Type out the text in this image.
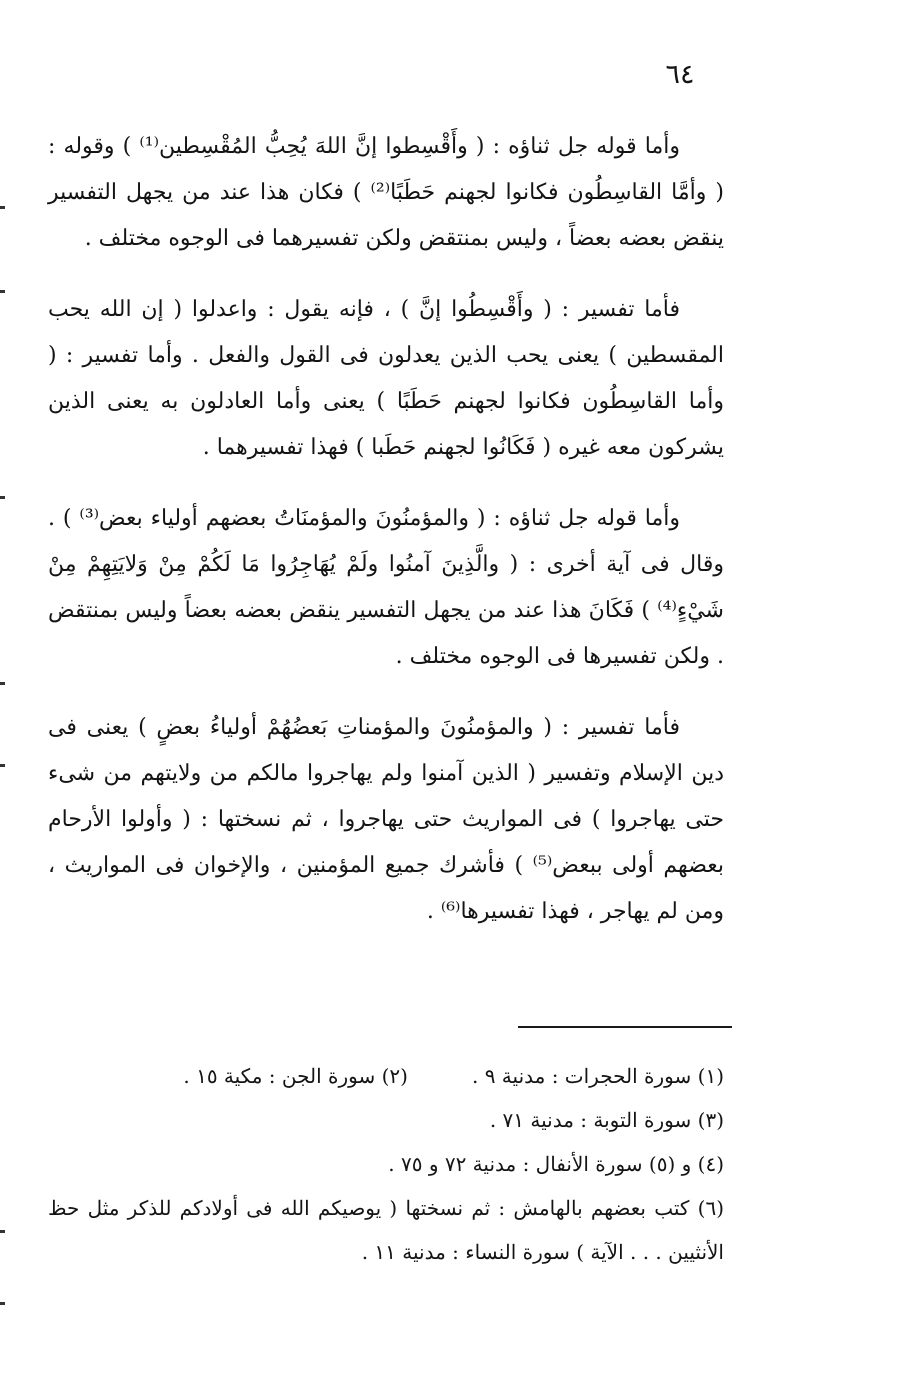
٦٤

وأما قوله جل ثناؤه : ( وأَقْسِطوا إنَّ اللهَ يُحِبُّ المُقْسِطين⁽¹⁾ ) وقوله : ( وأمَّا القاسِطُون فكانوا لجهنم حَطَبًا⁽²⁾ ) فكان هذا عند من يجهل التفسير ينقض بعضه بعضاً ، وليس بمنتقض ولكن تفسيرهما فى الوجوه مختلف .

فأما تفسير : ( وأَقْسِطُوا إنَّ ) ، فإنه يقول : واعدلوا ( إن الله يحب المقسطين ) يعنى يحب الذين يعدلون فى القول والفعل . وأما تفسير : ( وأما القاسِطُون فكانوا لجهنم حَطَبًا ) يعنى وأما العادلون به يعنى الذين يشركون معه غيره ( فَكَانُوا لجهنم حَطَبا ) فهذا تفسيرهما .

وأما قوله جل ثناؤه : ( والمؤمنُونَ والمؤمنَاتُ بعضهم أولياء بعض⁽³⁾ ) . وقال فى آية أخرى : ( والَّذِينَ آمنُوا ولَمْ يُهَاجِرُوا مَا لَكُمْ مِنْ وَلايَتِهِمْ مِنْ شَيْءٍ⁽⁴⁾ ) فَكَانَ هذا عند من يجهل التفسير ينقض بعضه بعضاً وليس بمنتقض . ولكن تفسيرها فى الوجوه مختلف .

فأما تفسير : ( والمؤمنُونَ والمؤمناتِ بَعضُهُمْ أولياءُ بعضٍ ) يعنى فى دين الإسلام وتفسير ( الذين آمنوا ولم يهاجروا مالكم من ولايتهم من شىء حتى يهاجروا ) فى المواريث حتى يهاجروا ، ثم نسختها : ( وأولوا الأرحام بعضهم أولى ببعض⁽⁵⁾ ) فأشرك جميع المؤمنين ، والإخوان فى المواريث ، ومن لم يهاجر ، فهذا تفسيرها⁽⁶⁾ .

(١) سورة الحجرات : مدنية ٩ .
(٢) سورة الجن : مكية ١٥ .
(٣) سورة التوبة : مدنية ٧١ .
(٤) و (٥) سورة الأنفال : مدنية ٧٢ و ٧٥ .
(٦) كتب بعضهم بالهامش : ثم نسختها ( يوصيكم الله فى أولادكم للذكر مثل حظ الأنثيين . . . الآية ) سورة النساء : مدنية ١١ .
